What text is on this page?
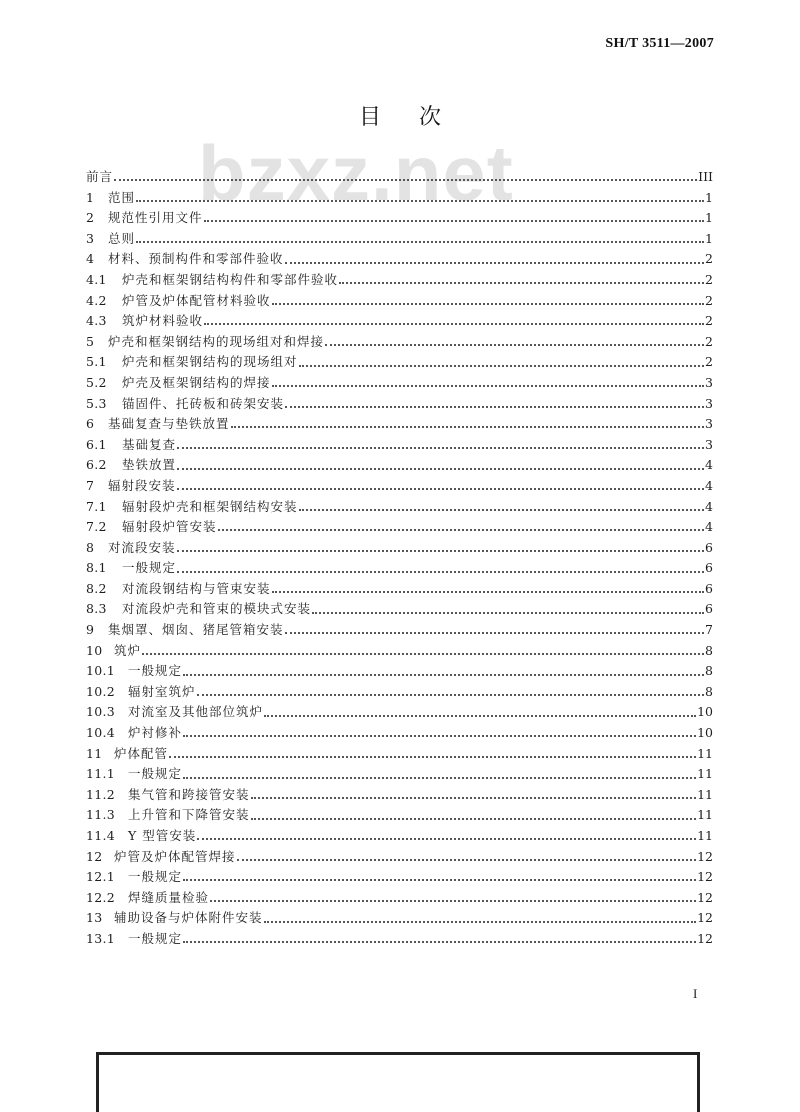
bzxz.net
SH/T 3511—2007
目次
前言	III
1	范围	1
2	规范性引用文件	1
3	总则	1
4	材料、预制构件和零部件验收	2
4.1	炉壳和框架钢结构构件和零部件验收	2
4.2	炉管及炉体配管材料验收	2
4.3	筑炉材料验收	2
5	炉壳和框架钢结构的现场组对和焊接	2
5.1	炉壳和框架钢结构的现场组对	2
5.2	炉壳及框架钢结构的焊接	3
5.3	锚固件、托砖板和砖架安装	3
6	基础复查与垫铁放置	3
6.1	基础复查	3
6.2	垫铁放置	4
7	辐射段安装	4
7.1	辐射段炉壳和框架钢结构安装	4
7.2	辐射段炉管安装	4
8	对流段安装	6
8.1	一般规定	6
8.2	对流段钢结构与管束安装	6
8.3	对流段炉壳和管束的模块式安装	6
9	集烟罩、烟囱、猪尾管箱安装	7
10 筑炉	8
10.1	一般规定	8
10.2	辐射室筑炉	8
10.3	对流室及其他部位筑炉	10
10.4	炉衬修补	10
11 炉体配管	11
11.1	一般规定	11
11.2	集气管和跨接管安装	11
11.3	上升管和下降管安装	11
11.4	Y 型管安装	11
12 炉管及炉体配管焊接	12
12.1	一般规定	12
12.2	焊缝质量检验	12
13 辅助设备与炉体附件安装	12
13.1	一般规定	12
I
